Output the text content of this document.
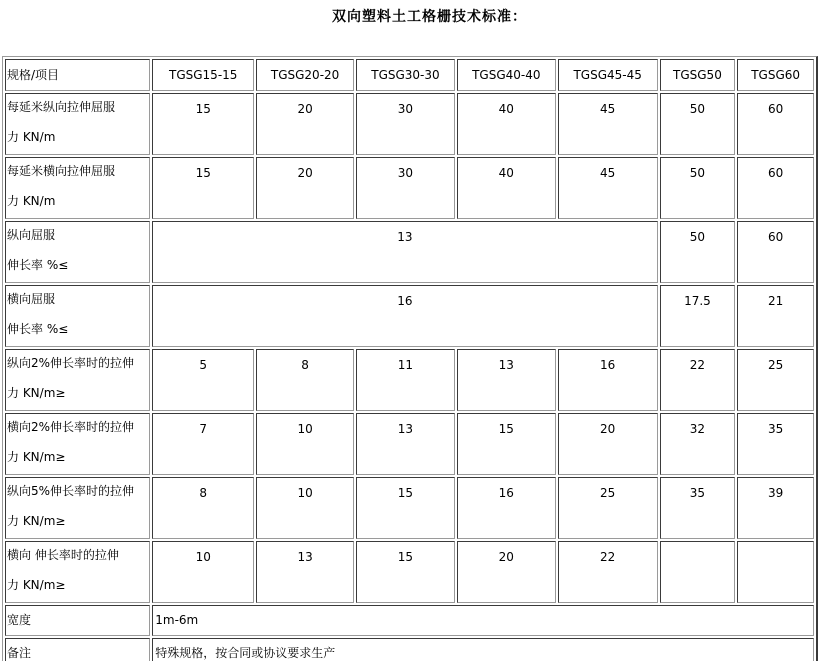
双向塑料土工格栅技术标准：
规格/项目	TGSG15-15	TGSG20-20	TGSG30-30	TGSG40-40	TGSG45-45	TGSG50	TGSG60

每延米纵向拉伸屈服
力 KN/m	15	20	30	40	45	50	60

每延米横向拉伸屈服
力 KN/m	15	20	30	40	45	50	60

纵向屈服
伸长率 %≤	13					50	60

横向屈服
伸长率 %≤	16					17.5	21

纵向2%伸长率时的拉伸
力 KN/m≥	5	8	11	13	16	22	25

横向2%伸长率时的拉伸
力 KN/m≥	7	10	13	15	20	32	35

纵向5%伸长率时的拉伸
力 KN/m≥	8	10	15	16	25	35	39

横向 伸长率时的拉伸
力 KN/m≥	10	13	15	20	22		
宽度	1m-6m						
备注	特殊规格，按合同或协议要求生产						
